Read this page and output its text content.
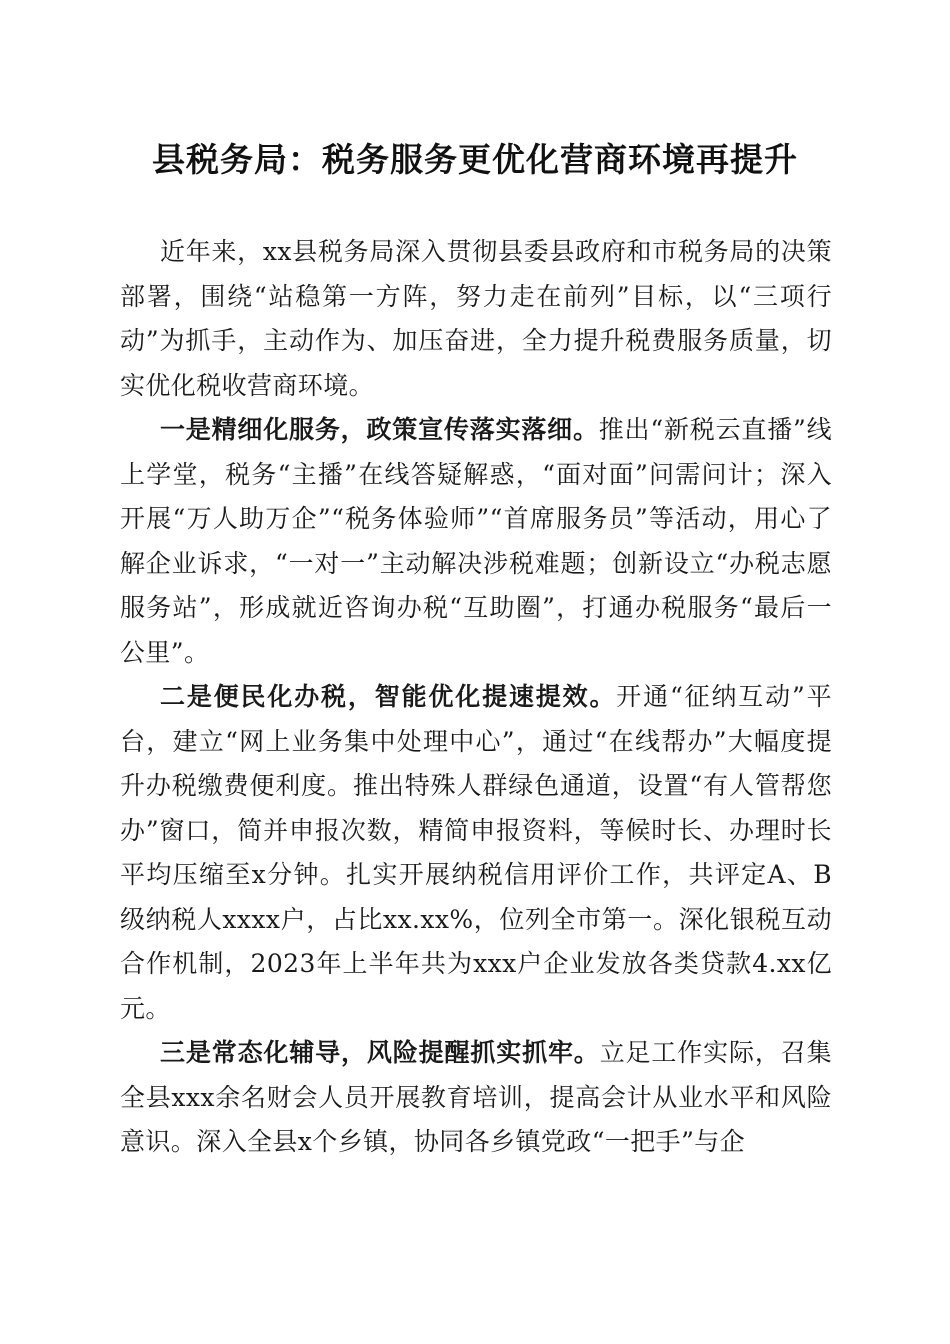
县税务局：税务服务更优化营商环境再提升

近年来，xx县税务局深入贯彻县委县政府和市税务局的决策部署，围绕“站稳第一方阵，努力走在前列”目标，以“三项行动”为抓手，主动作为、加压奋进，全力提升税费服务质量，切实优化税收营商环境。

一是精细化服务，政策宣传落实落细。推出“新税云直播”线上学堂，税务“主播”在线答疑解惑，“面对面”问需问计；深入开展“万人助万企”“税务体验师”“首席服务员”等活动，用心了解企业诉求，“一对一”主动解决涉税难题；创新设立“办税志愿服务站”，形成就近咨询办税“互助圈”，打通办税服务“最后一公里”。

二是便民化办税，智能优化提速提效。开通“征纳互动”平台，建立“网上业务集中处理中心”，通过“在线帮办”大幅度提升办税缴费便利度。推出特殊人群绿色通道，设置“有人管帮您办”窗口，简并申报次数，精简申报资料，等候时长、办理时长平均压缩至x分钟。扎实开展纳税信用评价工作，共评定A、B级纳税人xxxx户，占比xx.xx%，位列全市第一。深化银税互动合作机制，2023年上半年共为xxx户企业发放各类贷款4.xx亿元。

三是常态化辅导，风险提醒抓实抓牢。立足工作实际，召集全县xxx余名财会人员开展教育培训，提高会计从业水平和风险意识。深入全县x个乡镇，协同各乡镇党政“一把手”与企
